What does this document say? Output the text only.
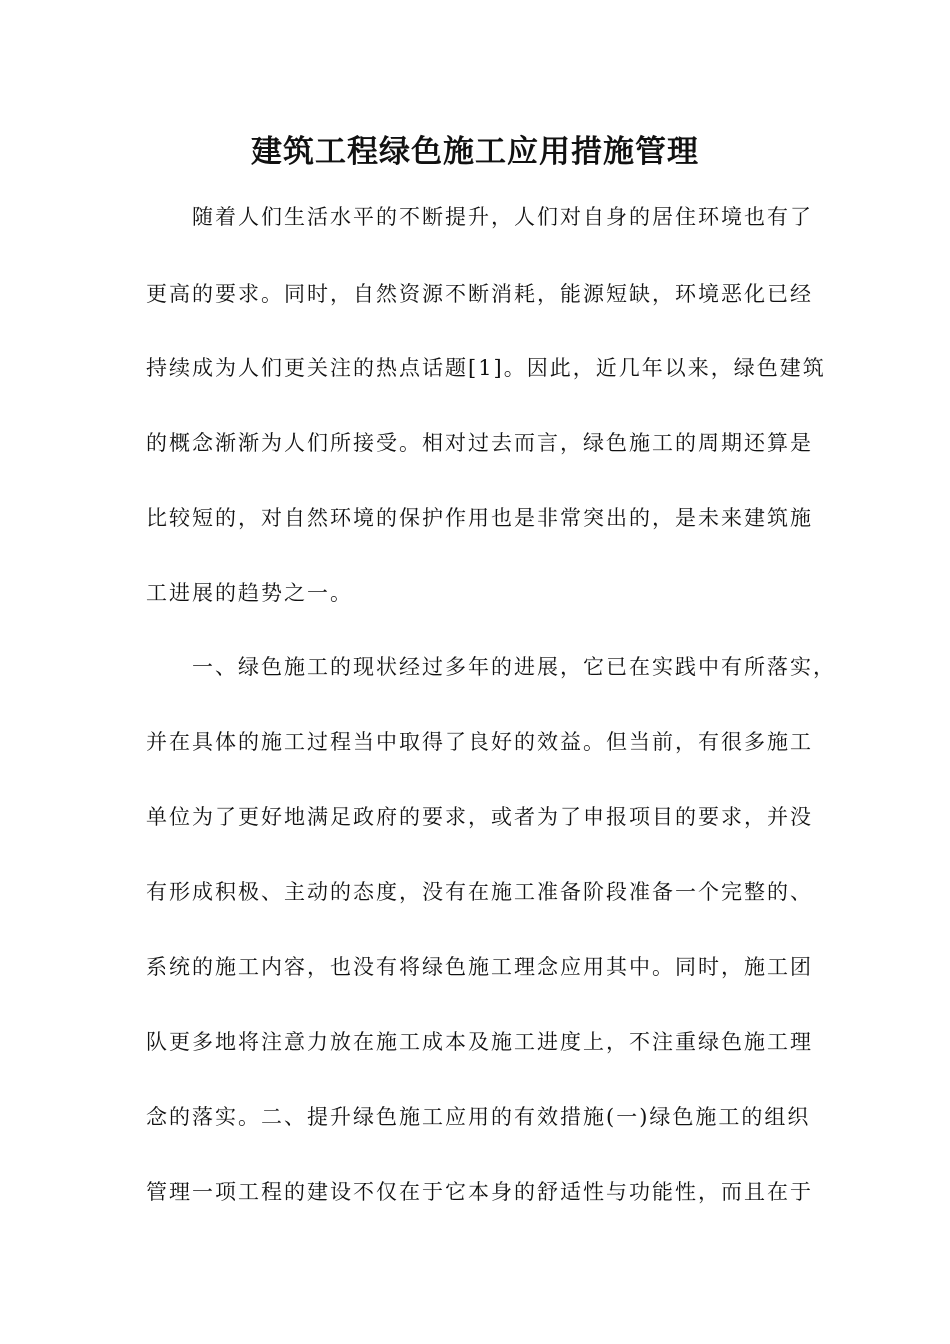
建筑工程绿色施工应用措施管理
随着人们生活水平的不断提升，人们对自身的居住环境也有了
更高的要求。同时，自然资源不断消耗，能源短缺，环境恶化已经
持续成为人们更关注的热点话题[1]。因此，近几年以来，绿色建筑
的概念渐渐为人们所接受。相对过去而言，绿色施工的周期还算是
比较短的，对自然环境的保护作用也是非常突出的，是未来建筑施
工进展的趋势之一。
一、绿色施工的现状经过多年的进展，它已在实践中有所落实，
并在具体的施工过程当中取得了良好的效益。但当前，有很多施工
单位为了更好地满足政府的要求，或者为了申报项目的要求，并没
有形成积极、主动的态度，没有在施工准备阶段准备一个完整的、
系统的施工内容，也没有将绿色施工理念应用其中。同时，施工团
队更多地将注意力放在施工成本及施工进度上，不注重绿色施工理
念的落实。二、提升绿色施工应用的有效措施(一)绿色施工的组织
管理一项工程的建设不仅在于它本身的舒适性与功能性，而且在于
